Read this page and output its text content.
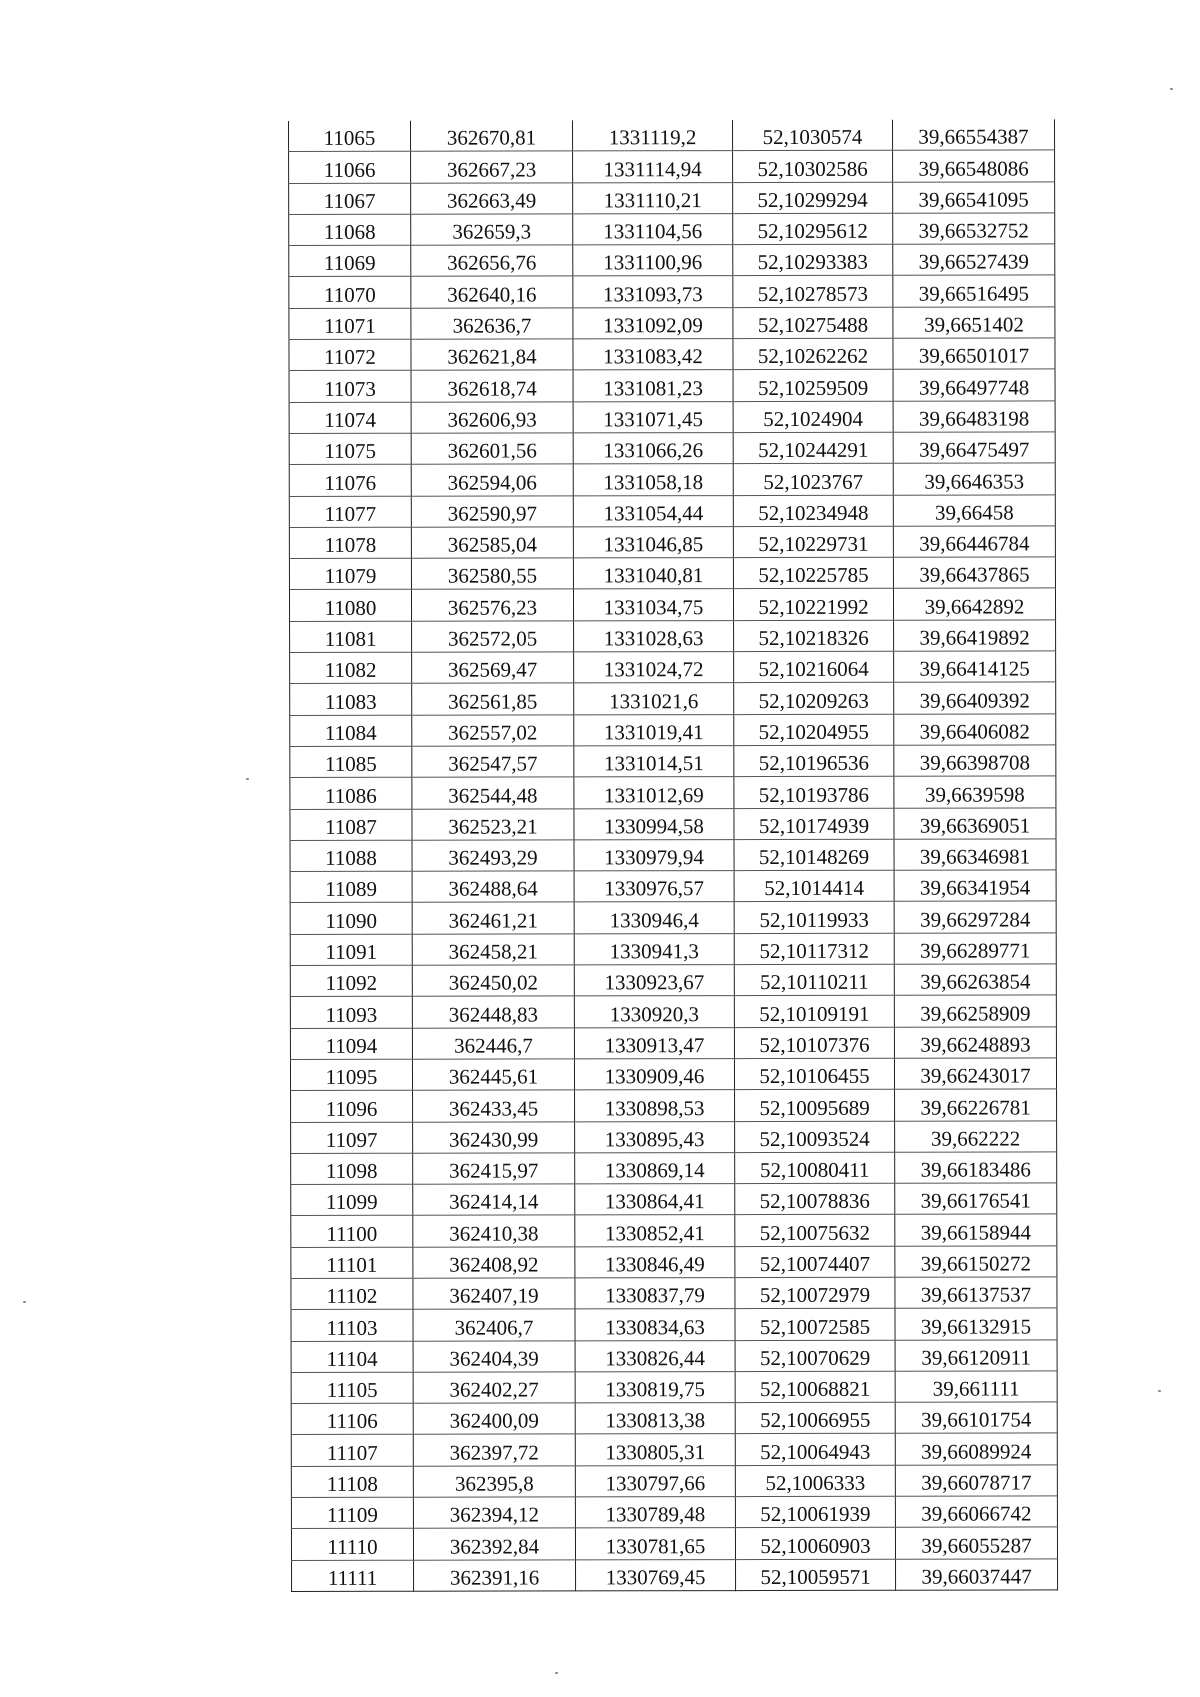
11065	362670,81	1331119,2	52,1030574	39,66554387
11066	362667,23	1331114,94	52,10302586	39,66548086
11067	362663,49	1331110,21	52,10299294	39,66541095
11068	362659,3	1331104,56	52,10295612	39,66532752
11069	362656,76	1331100,96	52,10293383	39,66527439
11070	362640,16	1331093,73	52,10278573	39,66516495
11071	362636,7	1331092,09	52,10275488	39,6651402
11072	362621,84	1331083,42	52,10262262	39,66501017
11073	362618,74	1331081,23	52,10259509	39,66497748
11074	362606,93	1331071,45	52,1024904	39,66483198
11075	362601,56	1331066,26	52,10244291	39,66475497
11076	362594,06	1331058,18	52,1023767	39,6646353
11077	362590,97	1331054,44	52,10234948	39,66458
11078	362585,04	1331046,85	52,10229731	39,66446784
11079	362580,55	1331040,81	52,10225785	39,66437865
11080	362576,23	1331034,75	52,10221992	39,6642892
11081	362572,05	1331028,63	52,10218326	39,66419892
11082	362569,47	1331024,72	52,10216064	39,66414125
11083	362561,85	1331021,6	52,10209263	39,66409392
11084	362557,02	1331019,41	52,10204955	39,66406082
11085	362547,57	1331014,51	52,10196536	39,66398708
11086	362544,48	1331012,69	52,10193786	39,6639598
11087	362523,21	1330994,58	52,10174939	39,66369051
11088	362493,29	1330979,94	52,10148269	39,66346981
11089	362488,64	1330976,57	52,1014414	39,66341954
11090	362461,21	1330946,4	52,10119933	39,66297284
11091	362458,21	1330941,3	52,10117312	39,66289771
11092	362450,02	1330923,67	52,10110211	39,66263854
11093	362448,83	1330920,3	52,10109191	39,66258909
11094	362446,7	1330913,47	52,10107376	39,66248893
11095	362445,61	1330909,46	52,10106455	39,66243017
11096	362433,45	1330898,53	52,10095689	39,66226781
11097	362430,99	1330895,43	52,10093524	39,662222
11098	362415,97	1330869,14	52,10080411	39,66183486
11099	362414,14	1330864,41	52,10078836	39,66176541
11100	362410,38	1330852,41	52,10075632	39,66158944
11101	362408,92	1330846,49	52,10074407	39,66150272
11102	362407,19	1330837,79	52,10072979	39,66137537
11103	362406,7	1330834,63	52,10072585	39,66132915
11104	362404,39	1330826,44	52,10070629	39,66120911
11105	362402,27	1330819,75	52,10068821	39,661111
11106	362400,09	1330813,38	52,10066955	39,66101754
11107	362397,72	1330805,31	52,10064943	39,66089924
11108	362395,8	1330797,66	52,1006333	39,66078717
11109	362394,12	1330789,48	52,10061939	39,66066742
11110	362392,84	1330781,65	52,10060903	39,66055287
11111	362391,16	1330769,45	52,10059571	39,66037447
